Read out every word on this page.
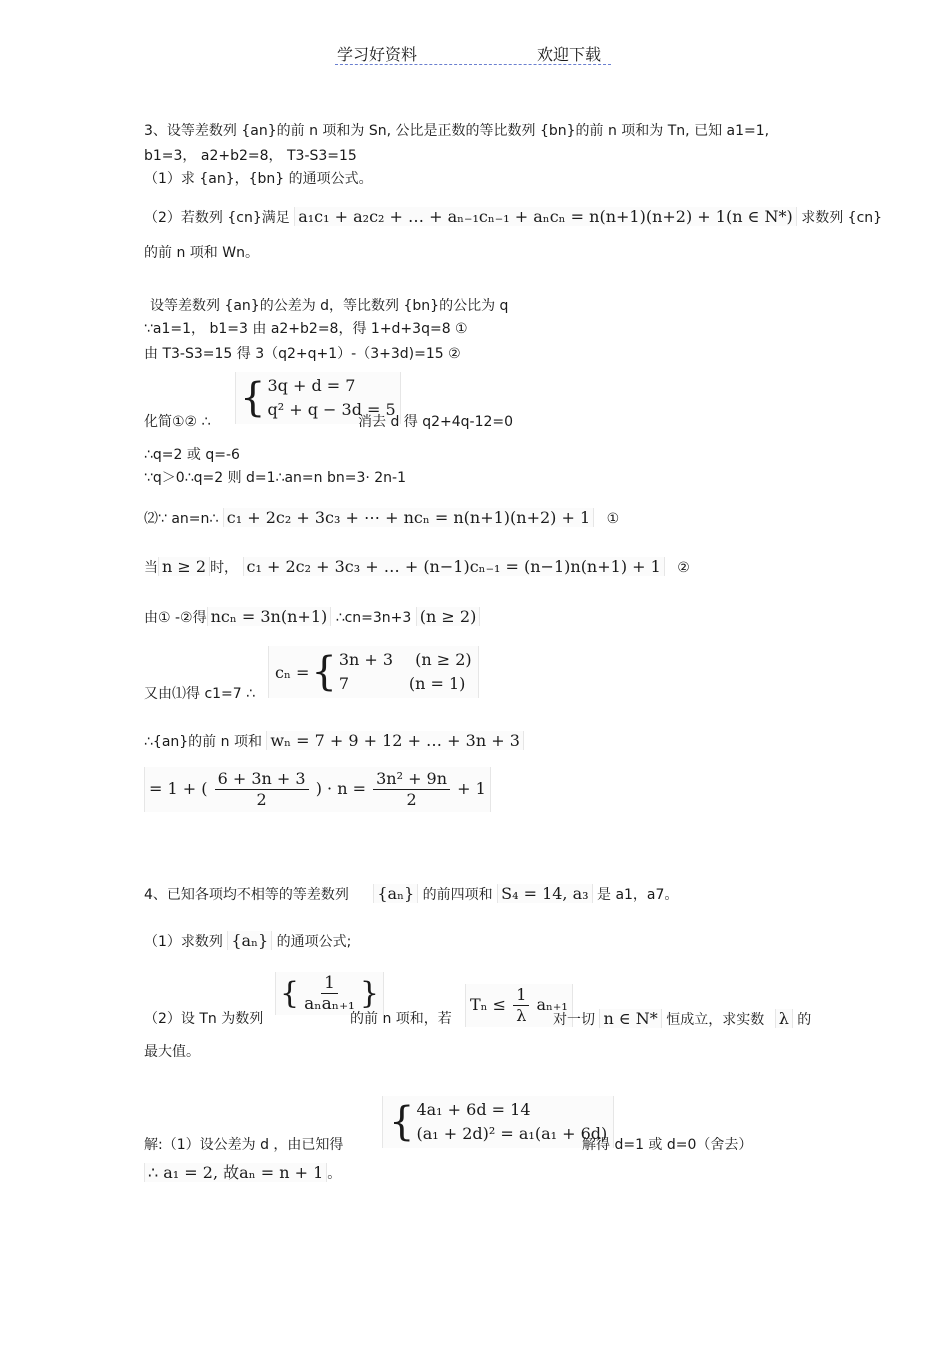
学习好资料	欢迎下载
3、设等差数列 {an}的前 n 项和为 Sn, 公比是正数的等比数列 {bn}的前 n 项和为 Tn, 已知 a1=1,
b1=3， a2+b2=8， T3-S3=15
（1）求 {an}，{bn} 的通项公式。
（2）若数列 {cn}满足 a₁c₁ + a₂c₂ + … + aₙ₋₁cₙ₋₁ + aₙcₙ = n(n+1)(n+2) + 1(n ∈ N*) 求数列 {cn}
的前 n 项和 Wn。
设等差数列 {an}的公差为 d，等比数列 {bn}的公比为 q
∵a1=1， b1=3 由 a2+b2=8，得 1+d+3q=8 ①
由 T3-S3=15 得 3（q2+q+1）-（3+3d)=15 ②
化简①② ∴
{ 3q + d = 7
q² + q − 3d = 5
消去 d 得 q2+4q-12=0
∴q=2 或 q=-6
∵q＞0∴q=2 则 d=1∴an=n bn=3· 2n-1
⑵∵ an=n∴ c₁ + 2c₂ + 3c₃ + ⋯ + ncₙ = n(n+1)(n+2) + 1 ①
当 n ≥ 2 时， c₁ + 2c₂ + 3c₃ + … + (n−1)cₙ₋₁ = (n−1)n(n+1) + 1 ②
由① -②得 ncₙ = 3n(n+1) ∴cn=3n+3 (n ≥ 2)
又由⑴得 c1=7 ∴
cₙ = { 3n + 3 (n ≥ 2)
7	(n = 1)
∴{an}的前 n 项和 wₙ = 7 + 9 + 12 + … + 3n + 3
= 1 + ( $\frac{6 + 3n + 3}{2}$ ) · $n = \frac{\text{3n² + 9n}}{2} + 1$
4、已知各项均不相等的等差数列 {aₙ} 的前四项和 S₄ = 14, a₃ 是 a1，a7。
（1）求数列 {aₙ} 的通项公式;
（2）设 Tn 为数列
{ $\frac{1}{\text{aₙaₙ₊₁}}$ }
的前 n 项和，若
$T_n \le \frac{1}{\lambda} a_{n+1}$
对一切 n ∈ N* 恒成立，求实数 λ 的
最大值。
解:（1）设公差为 d ，由已知得 { 4a₁ + 6d = 14
(a₁ + 2d)² = a₁(a₁ + 6d)
解得 d=1 或 d=0（舍去）
∴ a₁ = 2, 故aₙ = n + 1 。
